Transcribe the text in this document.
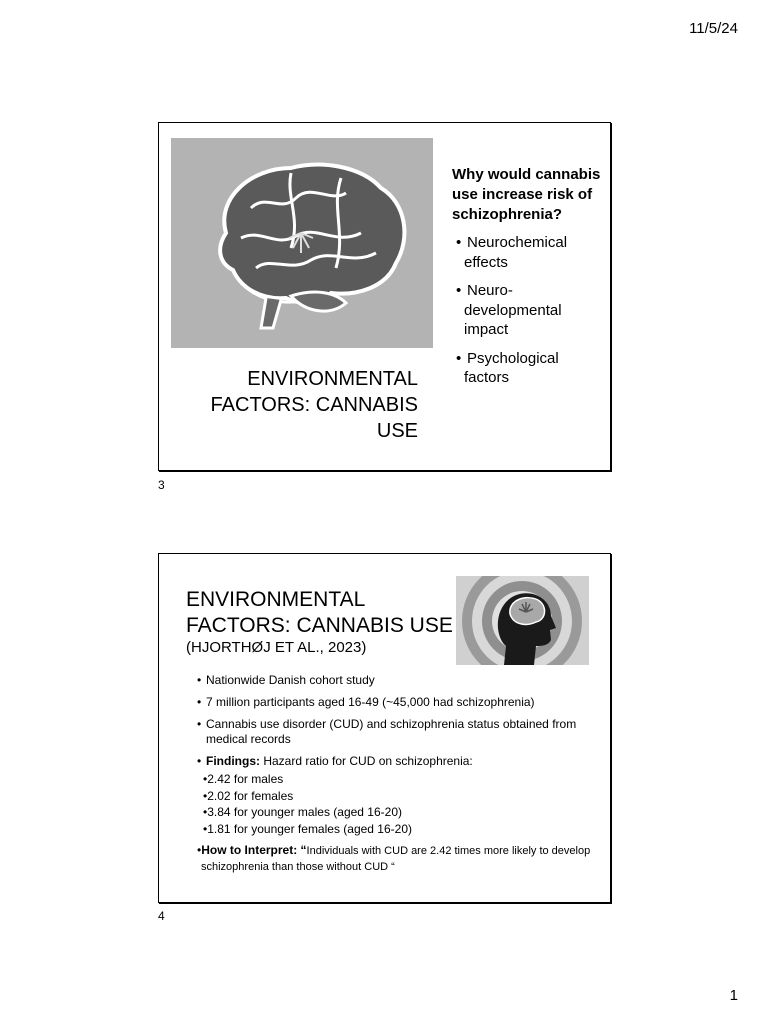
11/5/24
ENVIRONMENTAL FACTORS: CANNABIS USE
Why would cannabis use increase risk of schizophrenia?
• Neurochemical effects
• Neuro-developmental impact
• Psychological factors
3
ENVIRONMENTAL FACTORS: CANNABIS USE
(HJORTHØJ ET AL., 2023)
• Nationwide Danish cohort study
• 7 million participants aged 16-49 (~45,000 had schizophrenia)
• Cannabis use disorder (CUD) and schizophrenia status obtained from medical records
• Findings: Hazard ratio for CUD on schizophrenia:
•2.42 for males
•2.02 for females
•3.84 for younger males (aged 16-20)
•1.81 for younger females (aged 16-20)
•How to Interpret: “Individuals with CUD are 2.42 times more likely to develop schizophrenia than those without CUD “
4
1
